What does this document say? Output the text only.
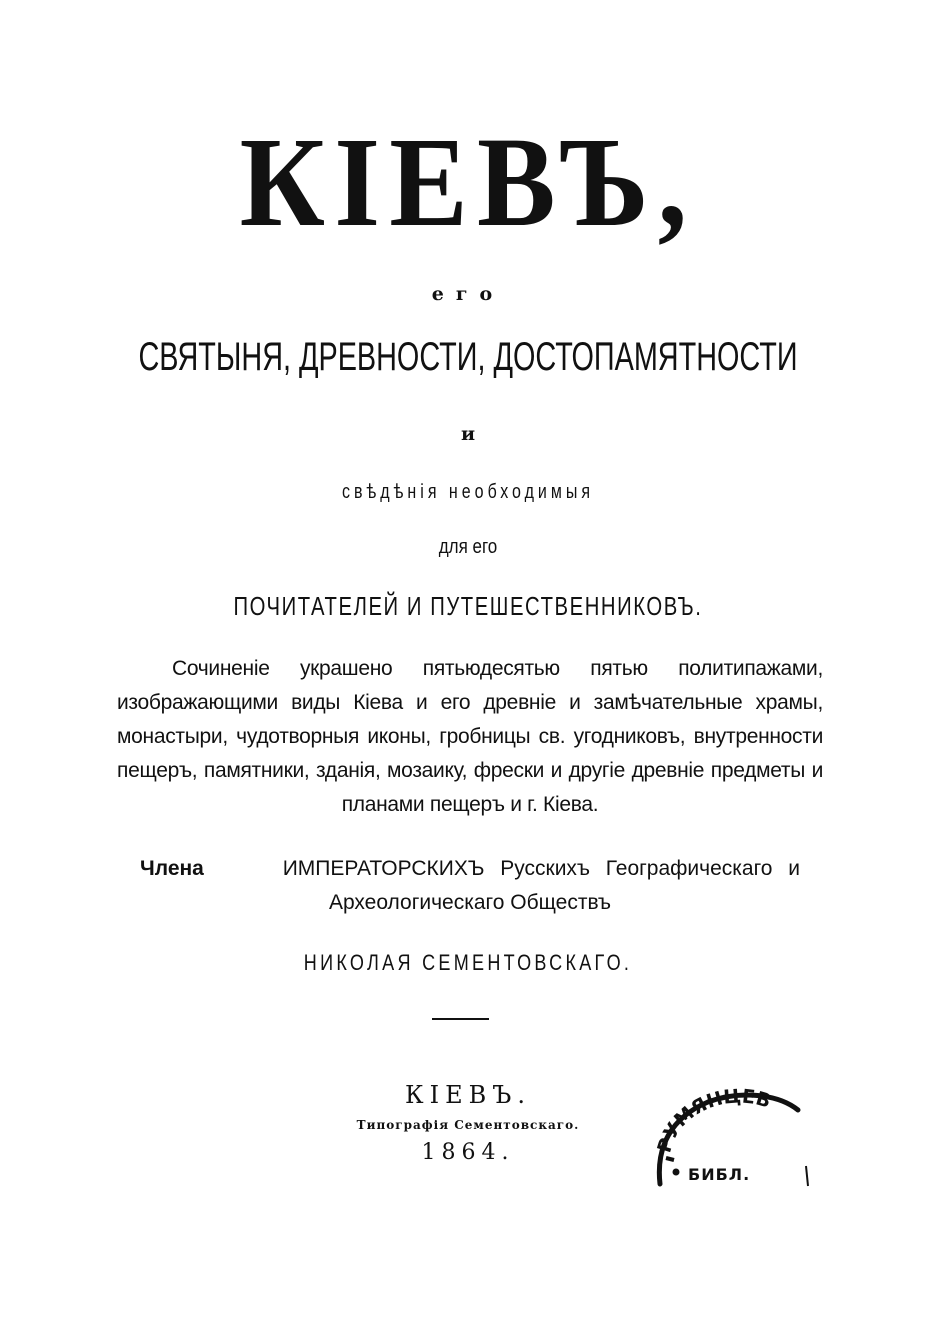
КІЕВЪ,
его
СВЯТЫНЯ, ДРЕВНОСТИ, ДОСТОПАМЯТНОСТИ
и
свѣдѣнія необходимыя
для его
ПОЧИТАТЕЛЕЙ И ПУТЕШЕСТВЕННИКОВЪ.
Сочиненіе украшено пятьюдесятью пятью политипажами, изображающими виды Кіева и его древніе и замѣчательные храмы, монастыри, чудотворныя иконы, гробницы св. угодниковъ, внутренности пещеръ, памятники, зданія, мозаику, фрески и другіе древніе предметы и планами пещеръ и г. Кіева.
Члена	ИМПЕРАТОРСКИХЪ Русскихъ Географическаго и Археологическаго Обществъ
НИКОЛАЯ СЕМЕНТОВСКАГО.
КІЕВЪ.
Типографія Сементовскаго.
1864.	РУМЯНЦЕВ
БИБЛ.
